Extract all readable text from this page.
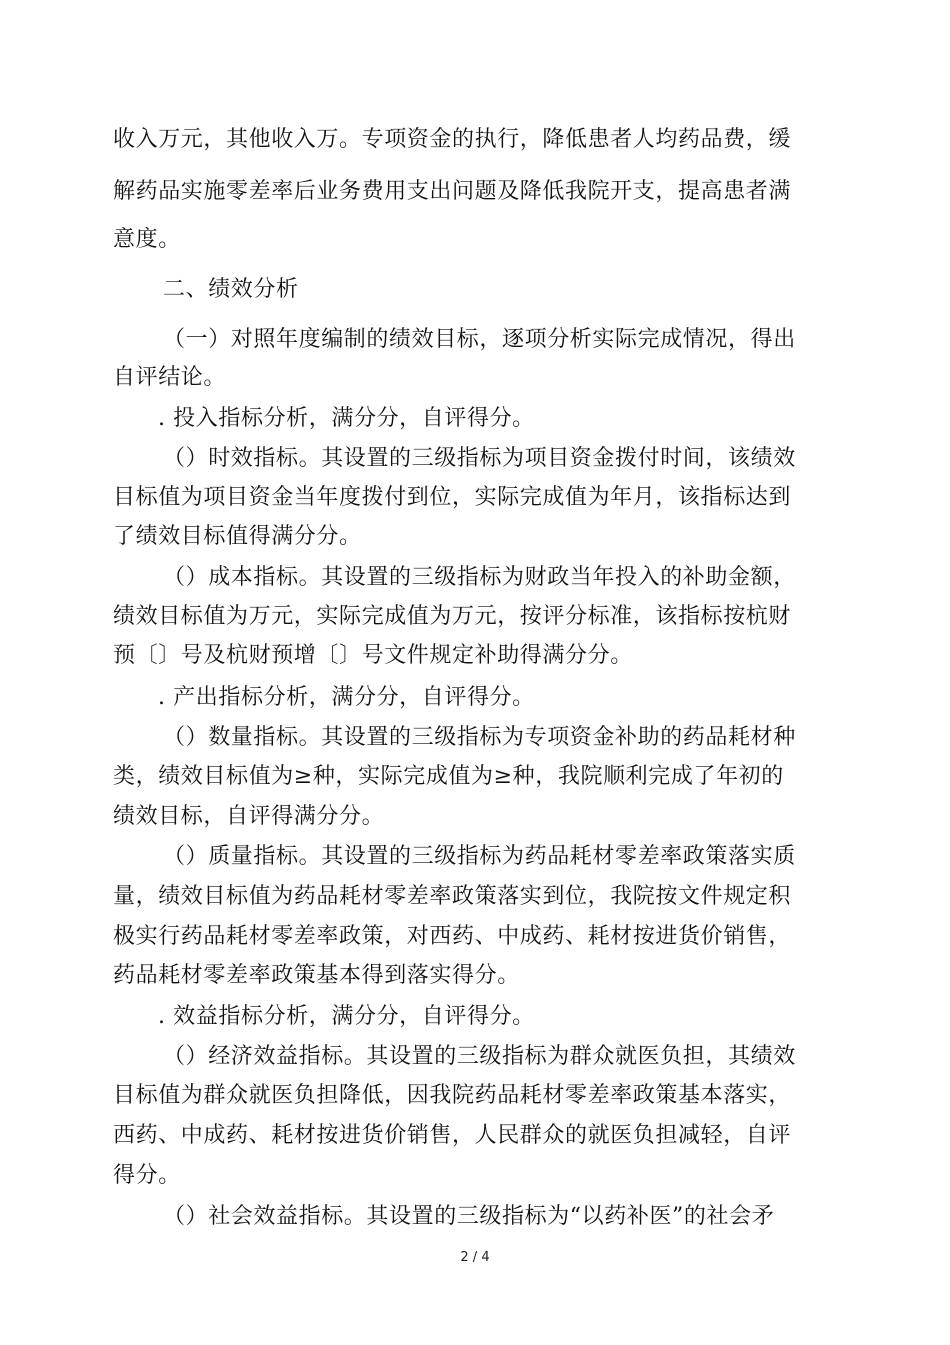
收入万元，其他收入万。专项资金的执行，降低患者人均药品费，缓
解药品实施零差率后业务费用支出问题及降低我院开支，提高患者满
意度。
二、绩效分析
（一）对照年度编制的绩效目标，逐项分析实际完成情况，得出
自评结论。
. 投入指标分析，满分分，自评得分。
（）时效指标。其设置的三级指标为项目资金拨付时间，该绩效
目标值为项目资金当年度拨付到位，实际完成值为年月，该指标达到
了绩效目标值得满分分。
（）成本指标。其设置的三级指标为财政当年投入的补助金额，
绩效目标值为万元，实际完成值为万元，按评分标准，该指标按杭财
预〔〕号及杭财预增〔〕号文件规定补助得满分分。
. 产出指标分析，满分分，自评得分。
（）数量指标。其设置的三级指标为专项资金补助的药品耗材种
类，绩效目标值为≥种，实际完成值为≥种，我院顺利完成了年初的
绩效目标，自评得满分分。
（）质量指标。其设置的三级指标为药品耗材零差率政策落实质
量，绩效目标值为药品耗材零差率政策落实到位，我院按文件规定积
极实行药品耗材零差率政策，对西药、中成药、耗材按进货价销售，
药品耗材零差率政策基本得到落实得分。
. 效益指标分析，满分分，自评得分。
（）经济效益指标。其设置的三级指标为群众就医负担，其绩效
目标值为群众就医负担降低，因我院药品耗材零差率政策基本落实，
西药、中成药、耗材按进货价销售，人民群众的就医负担减轻，自评
得分。
（）社会效益指标。其设置的三级指标为“以药补医”的社会矛
2 / 4
